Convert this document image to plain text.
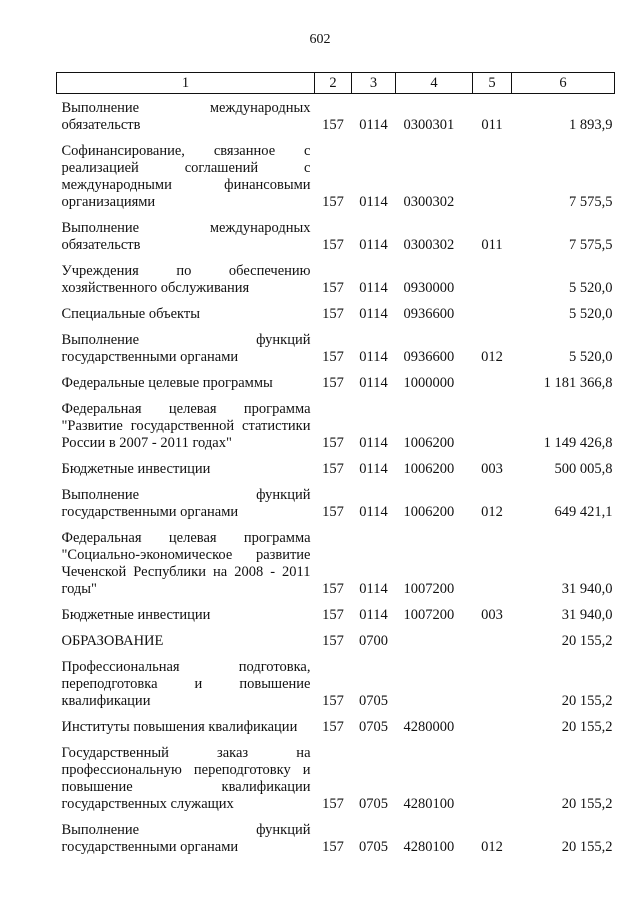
602
1	2	3	4	5	6
Выполнение международных обязательств	157	0114	0300301	011	1 893,9
Софинансирование, связанное с реализацией соглашений с международными финансовыми организациями	157	0114	0300302		7 575,5
Выполнение международных обязательств	157	0114	0300302	011	7 575,5
Учреждения по обеспечению хозяйственного обслуживания	157	0114	0930000		5 520,0
Специальные объекты	157	0114	0936600		5 520,0
Выполнение функций государственными органами	157	0114	0936600	012	5 520,0
Федеральные целевые программы	157	0114	1000000		1 181 366,8
Федеральная целевая программа "Развитие государственной статистики России в 2007 - 2011 годах"	157	0114	1006200		1 149 426,8
Бюджетные инвестиции	157	0114	1006200	003	500 005,8
Выполнение функций государственными органами	157	0114	1006200	012	649 421,1
Федеральная целевая программа "Социально-экономическое развитие Чеченской Республики на 2008 - 2011 годы"	157	0114	1007200		31 940,0
Бюджетные инвестиции	157	0114	1007200	003	31 940,0
ОБРАЗОВАНИЕ	157	0700			20 155,2
Профессиональная подготовка, переподготовка и повышение квалификации	157	0705			20 155,2
Институты повышения квалификации	157	0705	4280000		20 155,2
Государственный заказ на профессиональную переподготовку и повышение квалификации государственных служащих	157	0705	4280100		20 155,2
Выполнение функций государственными органами	157	0705	4280100	012	20 155,2
